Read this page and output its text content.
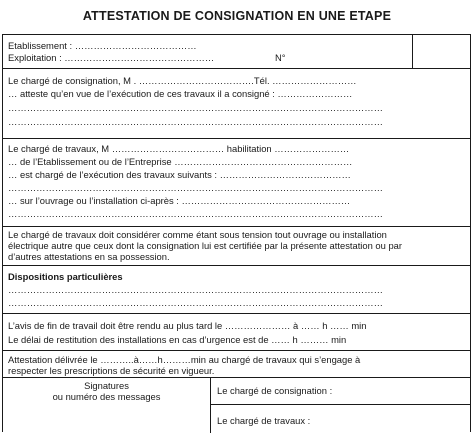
ATTESTATION DE CONSIGNATION EN UNE ETAPE
Etablissement : …………………………………
Exploitation : …………………………………………	N°
Le chargé de consignation, M . ……………………………….Tél. ………………………
… atteste qu’en vue de l’exécution de ces travaux il a consigné : ……………………
…………………………………………………………………………………………………………
…………………………………………………………………………………………………………
Le chargé de travaux, M ……………………………… habilitation ……………………
… de l’Etablissement ou de l’Entreprise …………………………………………………
… est chargé de l’exécution des travaux suivants : ……………………………………
…………………………………………………………………………………………………………
… sur l’ouvrage ou l’installation ci-après : ………………………………………………
…………………………………………………………………………………………………………
Le chargé de travaux doit considérer comme étant sous tension tout ouvrage ou installation
électrique autre que ceux dont la consignation lui est certifiée par la présente attestation ou par
d’autres attestations en sa possession.
Dispositions particulières
…………………………………………………………………………………………………………
…………………………………………………………………………………………………………
L’avis de fin de travail doit être rendu au plus tard le ………………… à …… h …… min
Le délai de restitution des installations en cas d’urgence est de …… h ……… min
Attestation délivrée le ………..à……h………min au chargé de travaux qui s’engage à
respecter les prescriptions de sécurité en vigueur.
Signatures
ou numéro des messages
Le chargé de consignation :
Le chargé de travaux :
